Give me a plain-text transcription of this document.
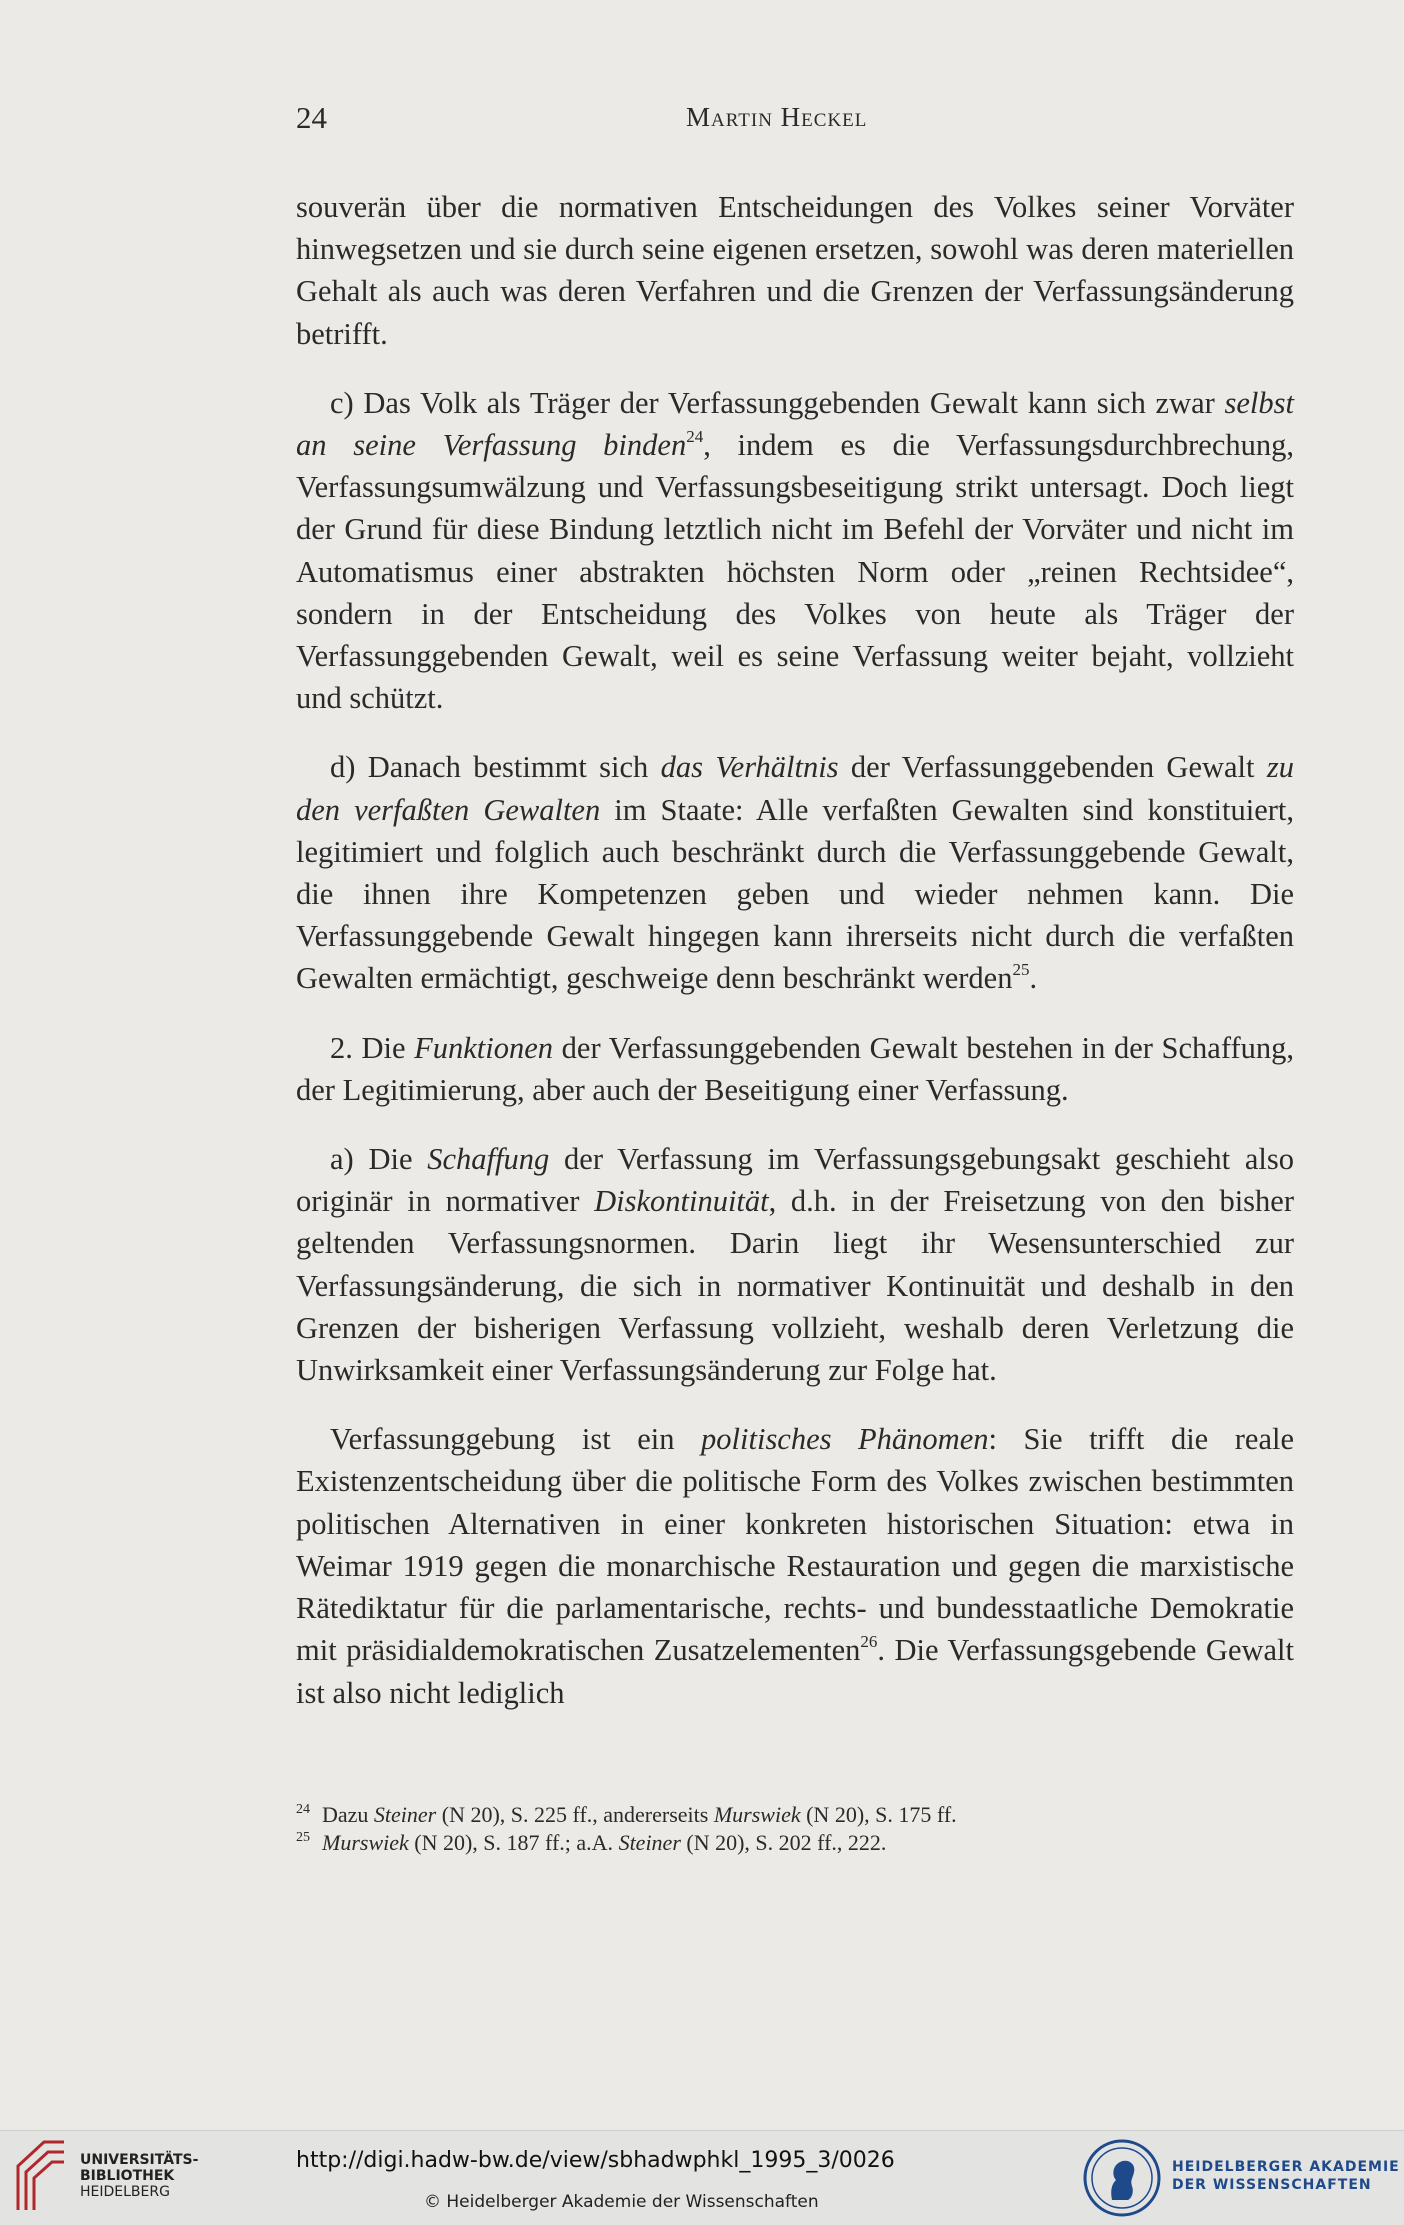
24	Martin Heckel

souverän über die normativen Entscheidungen des Volkes seiner Vorväter hinwegsetzen und sie durch seine eigenen ersetzen, sowohl was deren materiellen Gehalt als auch was deren Verfahren und die Grenzen der Verfassungsänderung betrifft.

c) Das Volk als Träger der Verfassunggebenden Gewalt kann sich zwar selbst an seine Verfassung binden$^{24}$, indem es die Verfassungsdurchbrechung, Verfassungsumwälzung und Verfassungsbeseitigung strikt untersagt. Doch liegt der Grund für diese Bindung letztlich nicht im Befehl der Vorväter und nicht im Automatismus einer abstrakten höchsten Norm oder „reinen Rechtsidee“, sondern in der Entscheidung des Volkes von heute als Träger der Verfassunggebenden Gewalt, weil es seine Verfassung weiter bejaht, vollzieht und schützt.

d) Danach bestimmt sich das Verhältnis der Verfassunggebenden Gewalt zu den verfaßten Gewalten im Staate: Alle verfaßten Gewalten sind konstituiert, legitimiert und folglich auch beschränkt durch die Verfassunggebende Gewalt, die ihnen ihre Kompetenzen geben und wieder nehmen kann. Die Verfassunggebende Gewalt hingegen kann ihrerseits nicht durch die verfaßten Gewalten ermächtigt, geschweige denn beschränkt werden$^{25}$.

2. Die Funktionen der Verfassunggebenden Gewalt bestehen in der Schaffung, der Legitimierung, aber auch der Beseitigung einer Verfassung.

a) Die Schaffung der Verfassung im Verfassungsgebungsakt geschieht also originär in normativer Diskontinuität, d.h. in der Freisetzung von den bisher geltenden Verfassungsnormen. Darin liegt ihr Wesensunterschied zur Verfassungsänderung, die sich in normativer Kontinuität und deshalb in den Grenzen der bisherigen Verfassung vollzieht, weshalb deren Verletzung die Unwirksamkeit einer Verfassungsänderung zur Folge hat.

Verfassunggebung ist ein politisches Phänomen: Sie trifft die reale Existenzentscheidung über die politische Form des Volkes zwischen bestimmten politischen Alternativen in einer konkreten historischen Situation: etwa in Weimar 1919 gegen die monarchische Restauration und gegen die marxistische Rätediktatur für die parlamentarische, rechts- und bundesstaatliche Demokratie mit präsidialdemokratischen Zusatzelementen$^{26}$. Die Verfassungsgebende Gewalt ist also nicht lediglich

$^{24}$ Dazu Steiner (N 20), S. 225 ff., andererseits Murswiek (N 20), S. 175 ff.
$^{25}$ Murswiek (N 20), S. 187 ff.; a.A. Steiner (N 20), S. 202 ff., 222.
UNIVERSITÄTS-
BIBLIOTHEK
HEIDELBERG
http://digi.hadw-bw.de/view/sbhadwphkl_1995_3/0026
© Heidelberger Akademie der Wissenschaften
HEIDELBERGER AKADEMIE
DER WISSENSCHAFTEN
